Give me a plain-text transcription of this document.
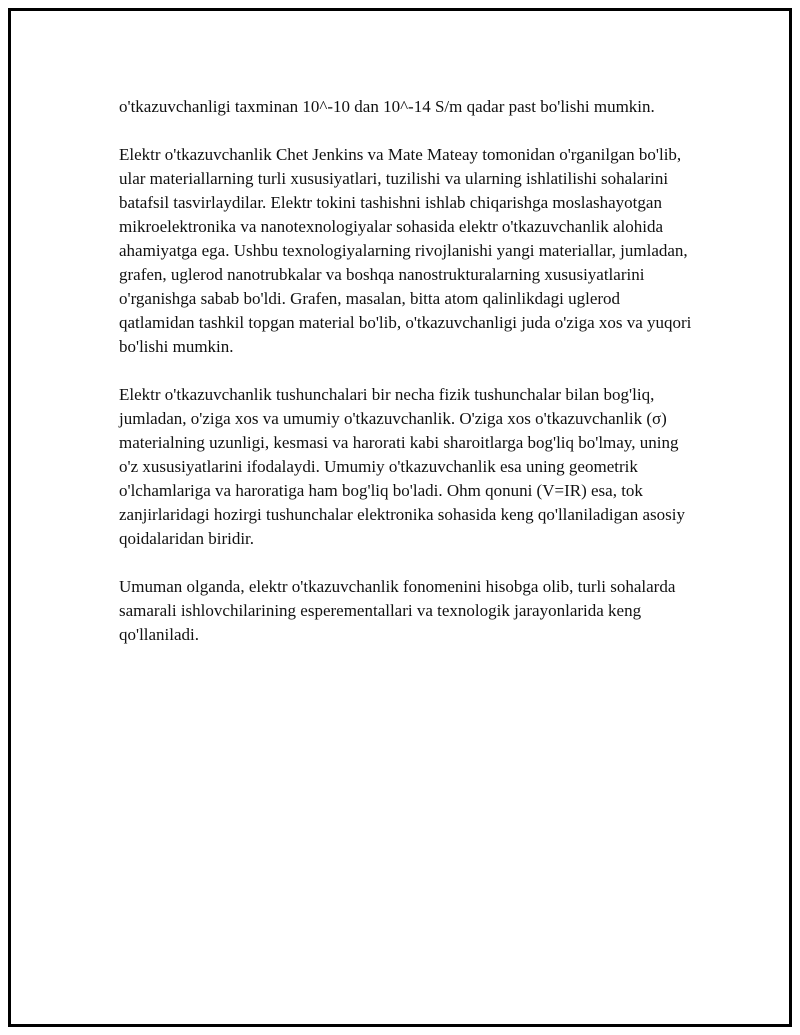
o'tkazuvchanligi taxminan 10^-10 dan 10^-14 S/m qadar past bo'lishi mumkin.

Elektr o'tkazuvchanlik Chet Jenkins va Mate Mateay tomonidan o'rganilgan bo'lib, ular materiallarning turli xususiyatlari, tuzilishi va ularning ishlatilishi sohalarini batafsil tasvirlaydilar. Elektr tokini tashishni ishlab chiqarishga moslashayotgan mikroelektronika va nanotexnologiyalar sohasida elektr o'tkazuvchanlik alohida ahamiyatga ega. Ushbu texnologiyalarning rivojlanishi yangi materiallar, jumladan, grafen, uglerod nanotrubkalar va boshqa nanostrukturalarning xususiyatlarini o'rganishga sabab bo'ldi. Grafen, masalan, bitta atom qalinlikdagi uglerod qatlamidan tashkil topgan material bo'lib, o'tkazuvchanligi juda o'ziga xos va yuqori bo'lishi mumkin.

Elektr o'tkazuvchanlik tushunchalari bir necha fizik tushunchalar bilan bog'liq, jumladan, o'ziga xos va umumiy o'tkazuvchanlik. O'ziga xos o'tkazuvchanlik (σ) materialning uzunligi, kesmasi va harorati kabi sharoitlarga bog'liq bo'lmay, uning o'z xususiyatlarini ifodalaydi. Umumiy o'tkazuvchanlik esa uning geometrik o'lchamlariga va haroratiga ham bog'liq bo'ladi. Ohm qonuni (V=IR) esa, tok zanjirlaridagi hozirgi tushunchalar elektronika sohasida keng qo'llaniladigan asosiy qoidalaridan biridir.

Umuman olganda, elektr o'tkazuvchanlik fonomenini hisobga olib, turli sohalarda samarali ishlovchilarining esperementallari va texnologik jarayonlarida keng qo'llaniladi.
